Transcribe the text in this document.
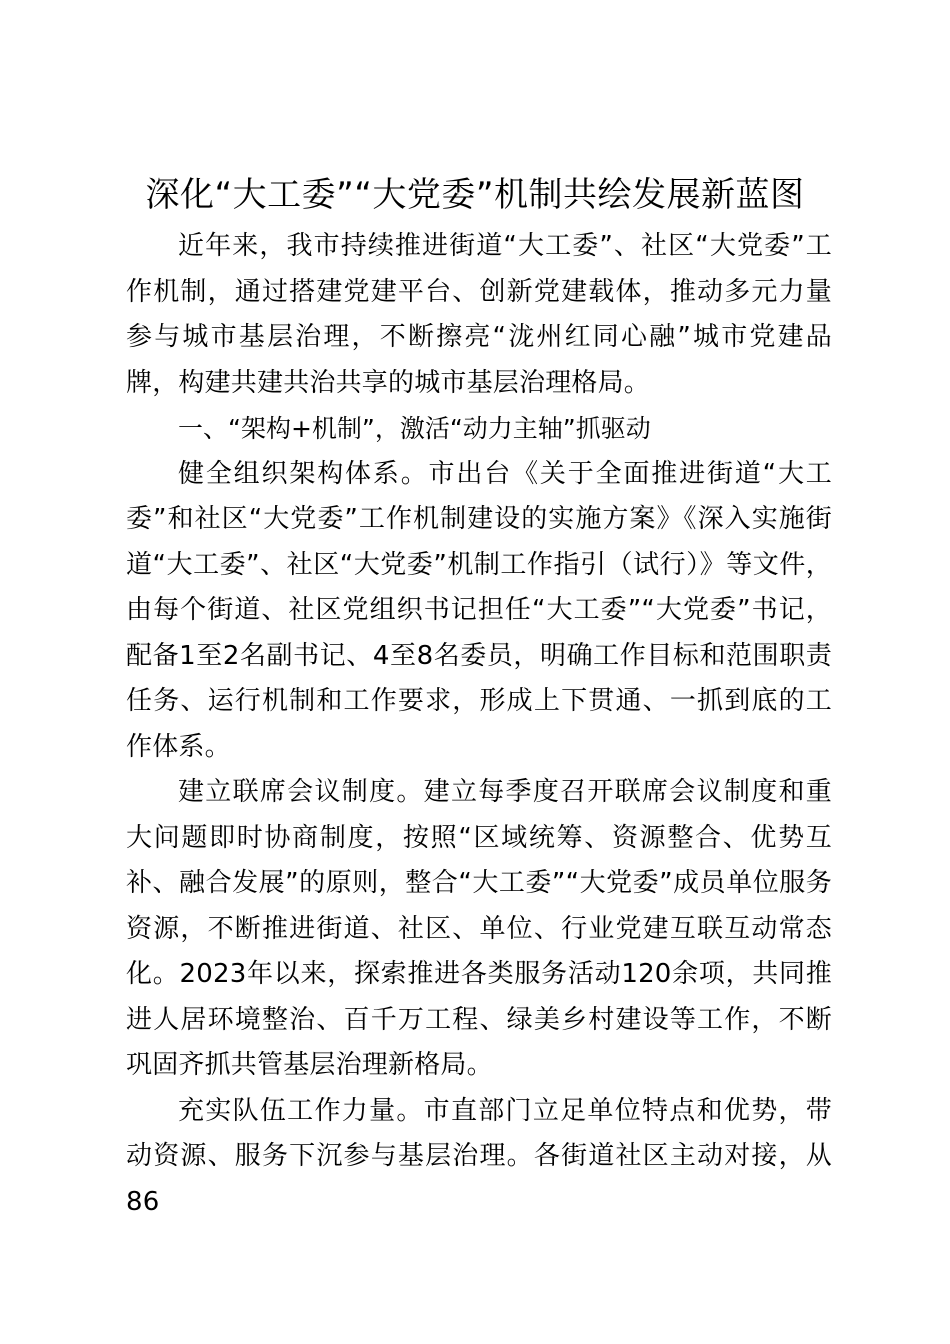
深化“大工委”“大党委”机制共绘发展新蓝图

近年来，我市持续推进街道“大工委”、社区“大党委”工作机制，通过搭建党建平台、创新党建载体，推动多元力量参与城市基层治理，不断擦亮“泷州红同心融”城市党建品牌，构建共建共治共享的城市基层治理格局。

一、“架构+机制”，激活“动力主轴”抓驱动

健全组织架构体系。市出台《关于全面推进街道“大工委”和社区“大党委”工作机制建设的实施方案》《深入实施街道“大工委”、社区“大党委”机制工作指引（试行）》等文件，由每个街道、社区党组织书记担任“大工委”“大党委”书记，配备1至2名副书记、4至8名委员，明确工作目标和范围职责任务、运行机制和工作要求，形成上下贯通、一抓到底的工作体系。

建立联席会议制度。建立每季度召开联席会议制度和重大问题即时协商制度，按照“区域统筹、资源整合、优势互补、融合发展”的原则，整合“大工委”“大党委”成员单位服务资源，不断推进街道、社区、单位、行业党建互联互动常态化。2023年以来，探索推进各类服务活动120余项，共同推进人居环境整治、百千万工程、绿美乡村建设等工作，不断巩固齐抓共管基层治理新格局。

充实队伍工作力量。市直部门立足单位特点和优势，带动资源、服务下沉参与基层治理。各街道社区主动对接，从86
